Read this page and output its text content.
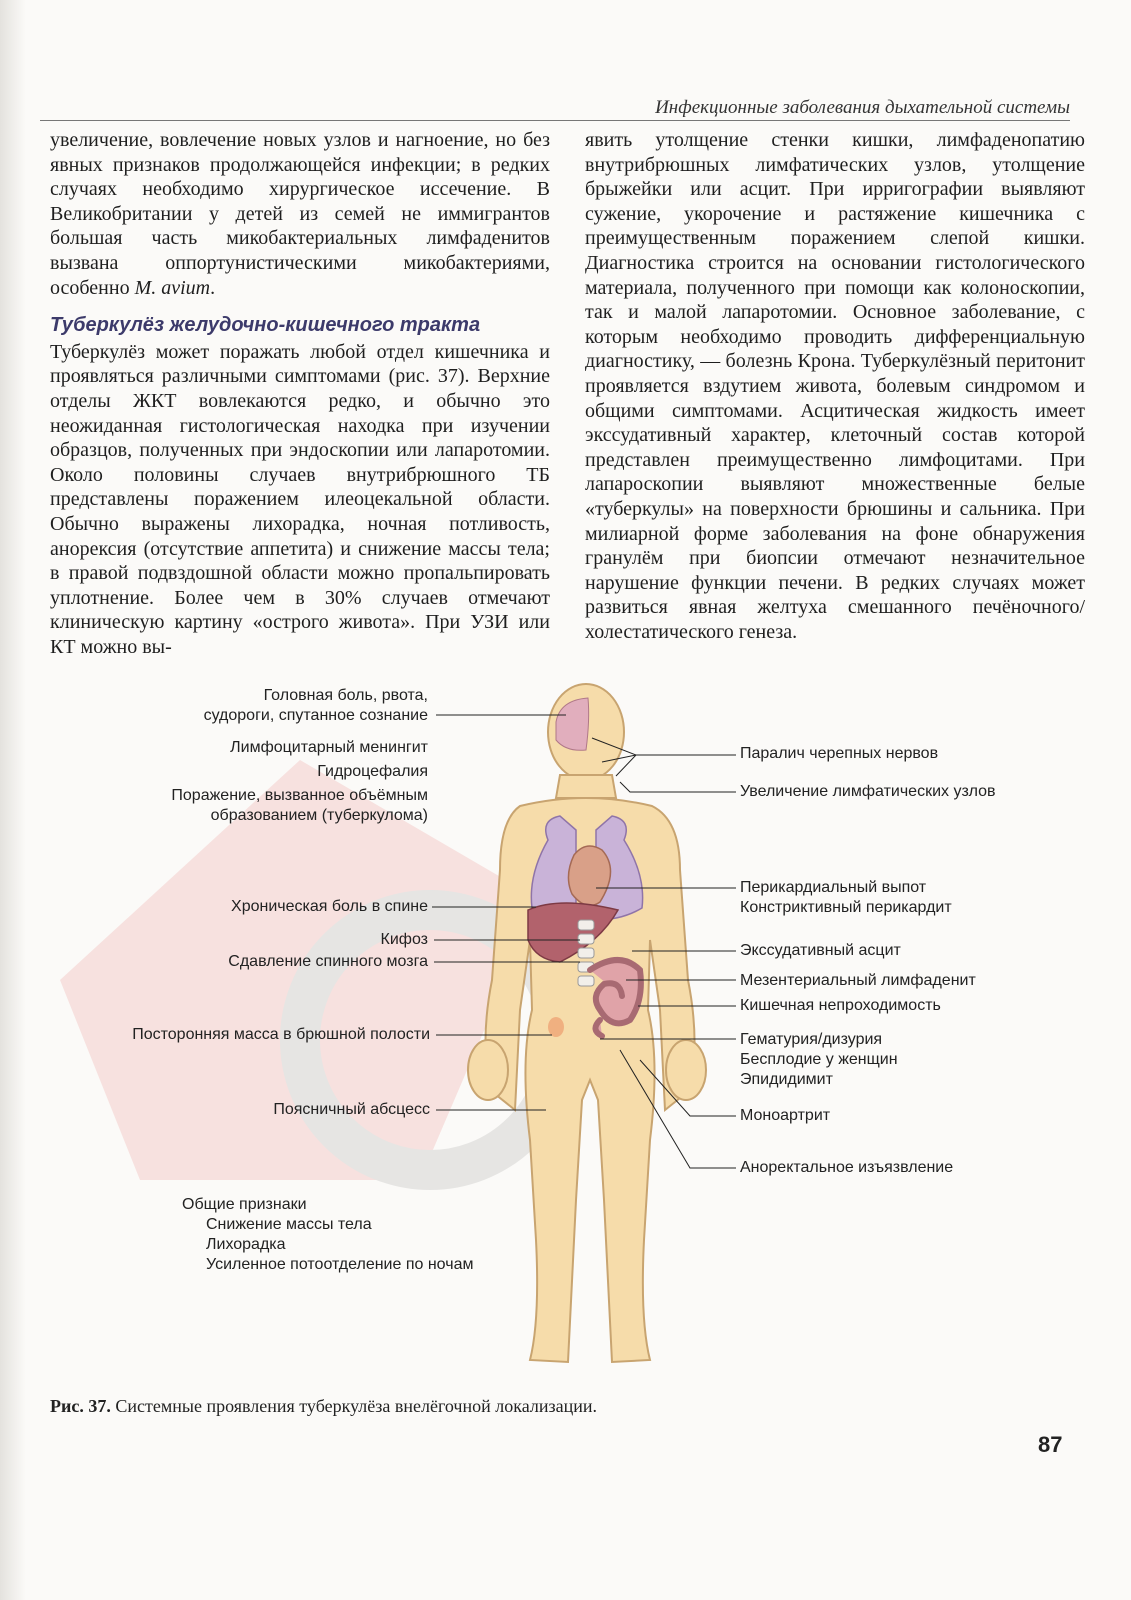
Инфекционные заболевания дыхательной системы

увеличение, вовлечение новых узлов и нагноение, но без явных признаков продолжающейся инфекции; в редких случаях необходимо хирургическое иссечение. В Великобритании у детей из семей не иммигрантов большая часть микобактериальных лимфаденитов вызвана оппортунистическими микобактериями, особенно M. avium.

Туберкулёз желудочно-кишечного тракта

Туберкулёз может поражать любой отдел кишечника и проявляться различными симптомами (рис. 37). Верхние отделы ЖКТ вовлекаются редко, и обычно это неожиданная гистологическая находка при изучении образцов, полученных при эндоскопии или лапаротомии. Около половины случаев внутрибрюшного ТБ представлены поражением илеоцекальной области. Обычно выражены лихорадка, ночная потливость, анорексия (отсутствие аппетита) и снижение массы тела; в правой подвздошной области можно пропальпировать уплотнение. Более чем в 30% случаев отмечают клиническую картину «острого живота». При УЗИ или КТ можно вы-

явить утолщение стенки кишки, лимфаденопатию внутрибрюшных лимфатических узлов, утолщение брыжейки или асцит. При ирригографии выявляют сужение, укорочение и растяжение кишечника с преимущественным поражением слепой кишки. Диагностика строится на основании гистологического материала, полученного при помощи как колоноскопии, так и малой лапаротомии. Основное заболевание, с которым необходимо проводить дифференциальную диагностику, — болезнь Крона. Туберкулёзный перитонит проявляется вздутием живота, болевым синдромом и общими симптомами. Асцитическая жидкость имеет экссудативный характер, клеточный состав которой представлен преимущественно лимфоцитами. При лапароскопии выявляют множественные белые «туберкулы» на поверхности брюшины и сальника. При милиарной форме заболевания на фоне обнаружения гранулём при биопсии отмечают незначительное нарушение функции печени. В редких случаях может развиться явная желтуха смешанного печёночного/холестатического генеза.

Головная боль, рвота,
судороги, спутанное сознание
Лимфоцитарный менингит
Гидроцефалия
Поражение, вызванное объёмным
образованием (туберкулома)
Хроническая боль в спине
Кифоз
Сдавление спинного мозга
Посторонняя масса в брюшной полости
Поясничный абсцесс
Общие признаки
Снижение массы тела
Лихорадка
Усиленное потоотделение по ночам
Паралич черепных нервов
Увеличение лимфатических узлов
Перикардиальный выпот
Констриктивный перикардит
Экссудативный асцит
Мезентериальный лимфаденит
Кишечная непроходимость
Гематурия/дизурия
Бесплодие у женщин
Эпидидимит
Моноартрит
Аноректальное изъязвление
Рис. 37. Системные проявления туберкулёза внелёгочной локализации.
87
